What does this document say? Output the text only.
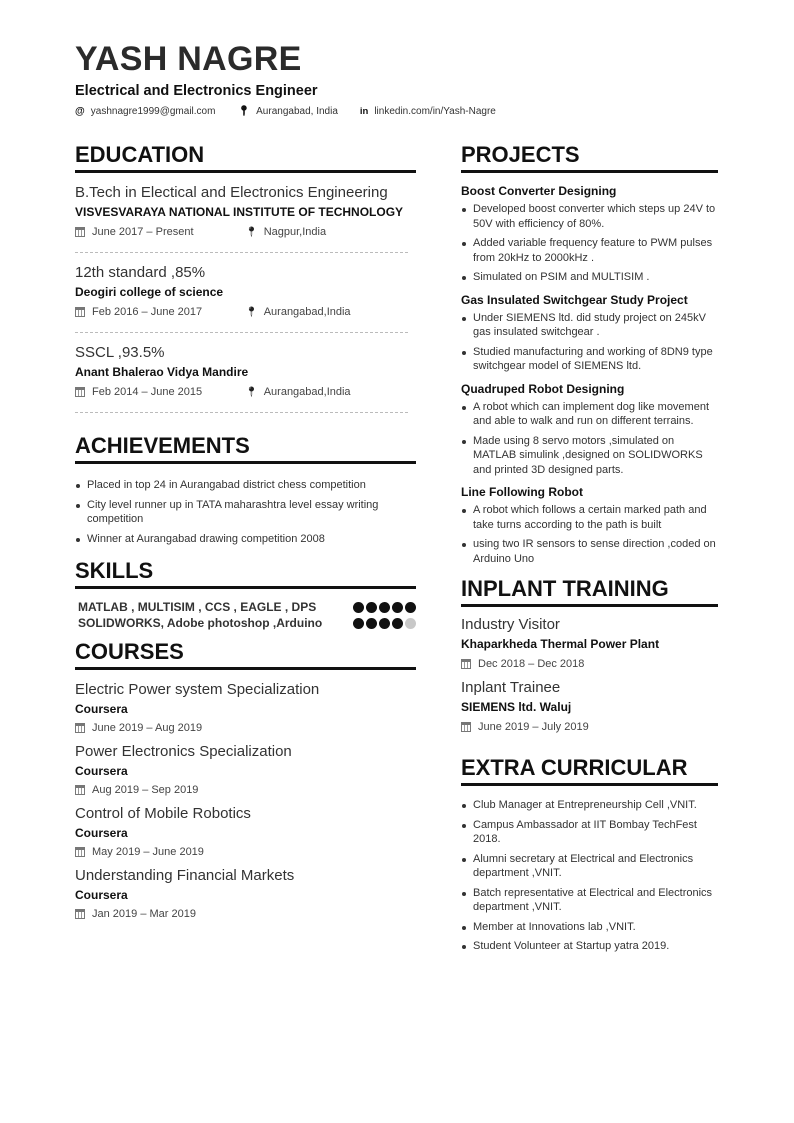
YASH NAGRE
Electrical and Electronics Engineer
@ yashnagre1999@gmail.com 📍︎ Aurangabad, India in linkedin.com/in/Yash-Nagre
EDUCATION
B.Tech in Electical and Electronics Engineering
VISVESVARAYA NATIONAL INSTITUTE OF TECHNOLOGY
June 2017 – Present	📍︎ Nagpur,India
12th standard ,85%
Deogiri college of science
Feb 2016 – June 2017	📍︎ Aurangabad,India
SSCL ,93.5%
Anant Bhalerao Vidya Mandire
Feb 2014 – June 2015	📍︎ Aurangabad,India
ACHIEVEMENTS
Placed in top 24 in Aurangabad district chess competition
City level runner up in TATA maharashtra level essay writing competition
Winner at Aurangabad drawing competition 2008
SKILLS
MATLAB , MULTISIM , CCS , EAGLE , DPS
SOLIDWORKS, Adobe photoshop ,Arduino
COURSES
Electric Power system Specialization
Coursera
June 2019 – Aug 2019
Power Electronics Specialization
Coursera
Aug 2019 – Sep 2019
Control of Mobile Robotics
Coursera
May 2019 – June 2019
Understanding Financial Markets
Coursera
Jan 2019 – Mar 2019
PROJECTS
Boost Converter Designing
Developed boost converter which steps up 24V to 50V with efficiency of 80%.
Added variable frequency feature to PWM pulses from 20kHz to 2000kHz .
Simulated on PSIM and MULTISIM .
Gas Insulated Switchgear Study Project
Under SIEMENS ltd. did study project on 245kV gas insulated switchgear .
Studied manufacturing and working of 8DN9 type switchgear model of SIEMENS ltd.
Quadruped Robot Designing
A robot which can implement dog like movement and able to walk and run on different terrains.
Made using 8 servo motors ,simulated on MATLAB simulink ,designed on SOLIDWORKS and printed 3D designed parts.
Line Following Robot
A robot which follows a certain marked path and take turns according to the path is built
using two IR sensors to sense direction ,coded on Arduino Uno
INPLANT TRAINING
Industry Visitor
Khaparkheda Thermal Power Plant
Dec 2018 – Dec 2018
Inplant Trainee
SIEMENS ltd. Waluj
June 2019 – July 2019
EXTRA CURRICULAR
Club Manager at Entrepreneurship Cell ,VNIT.
Campus Ambassador at IIT Bombay TechFest 2018.
Alumni secretary at Electrical and Electronics department ,VNIT.
Batch representative at Electrical and Electronics department ,VNIT.
Member at Innovations lab ,VNIT.
Student Volunteer at Startup yatra 2019.
